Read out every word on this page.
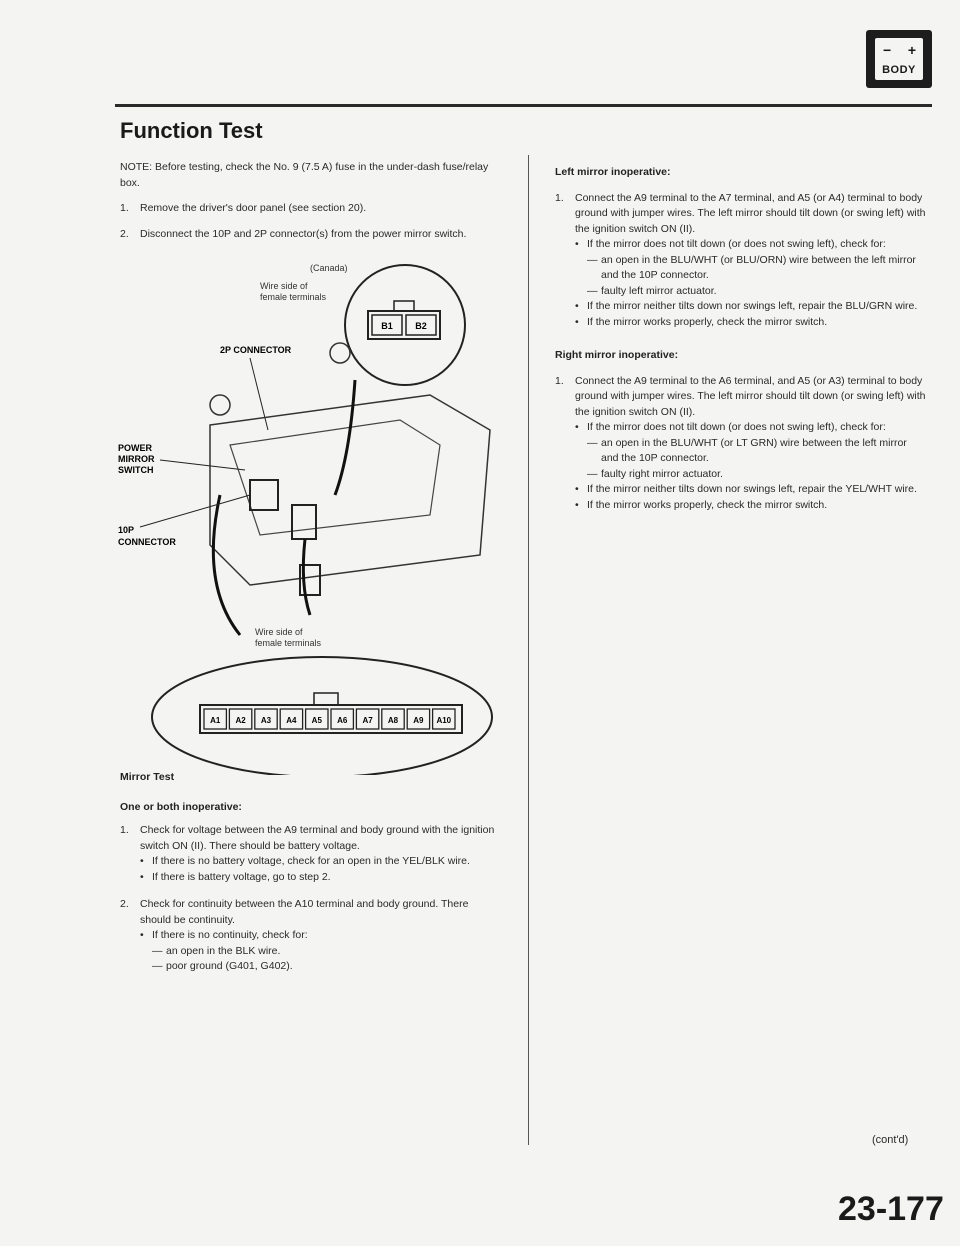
− +
BODY
Function Test
NOTE: Before testing, check the No. 9 (7.5 A) fuse in the under-dash fuse/relay box.
1.	Remove the driver's door panel (see section 20).
2.	Disconnect the 10P and 2P connector(s) from the power mirror switch.
(Canada)
Wire side of
female terminals
B1 B2
2P CONNECTOR
POWER
MIRROR
SWITCH
10P
CONNECTOR
Wire side of
female terminals
A1 A2 A3 A4 A5 A6 A7 A8 A9 A10
Mirror Test
One or both inoperative:
1.	Check for voltage between the A9 terminal and body ground with the ignition switch ON (II). There should be battery voltage.
• If there is no battery voltage, check for an open in the YEL/BLK wire.
• If there is battery voltage, go to step 2.
2.	Check for continuity between the A10 terminal and body ground. There should be continuity.
• If there is no continuity, check for:
— an open in the BLK wire.
— poor ground (G401, G402).
Left mirror inoperative:
1.	Connect the A9 terminal to the A7 terminal, and A5 (or A4) terminal to body ground with jumper wires. The left mirror should tilt down (or swing left) with the ignition switch ON (II).
• If the mirror does not tilt down (or does not swing left), check for:
— an open in the BLU/WHT (or BLU/ORN) wire between the left mirror and the 10P connector.
— faulty left mirror actuator.
• If the mirror neither tilts down nor swings left, repair the BLU/GRN wire.
• If the mirror works properly, check the mirror switch.
Right mirror inoperative:
1.	Connect the A9 terminal to the A6 terminal, and A5 (or A3) terminal to body ground with jumper wires. The left mirror should tilt down (or swing left) with the ignition switch ON (II).
• If the mirror does not tilt down (or does not swing left), check for:
— an open in the BLU/WHT (or LT GRN) wire between the left mirror and the 10P connector.
— faulty right mirror actuator.
• If the mirror neither tilts down nor swings left, repair the YEL/WHT wire.
• If the mirror works properly, check the mirror switch.
(cont'd)
23-177
